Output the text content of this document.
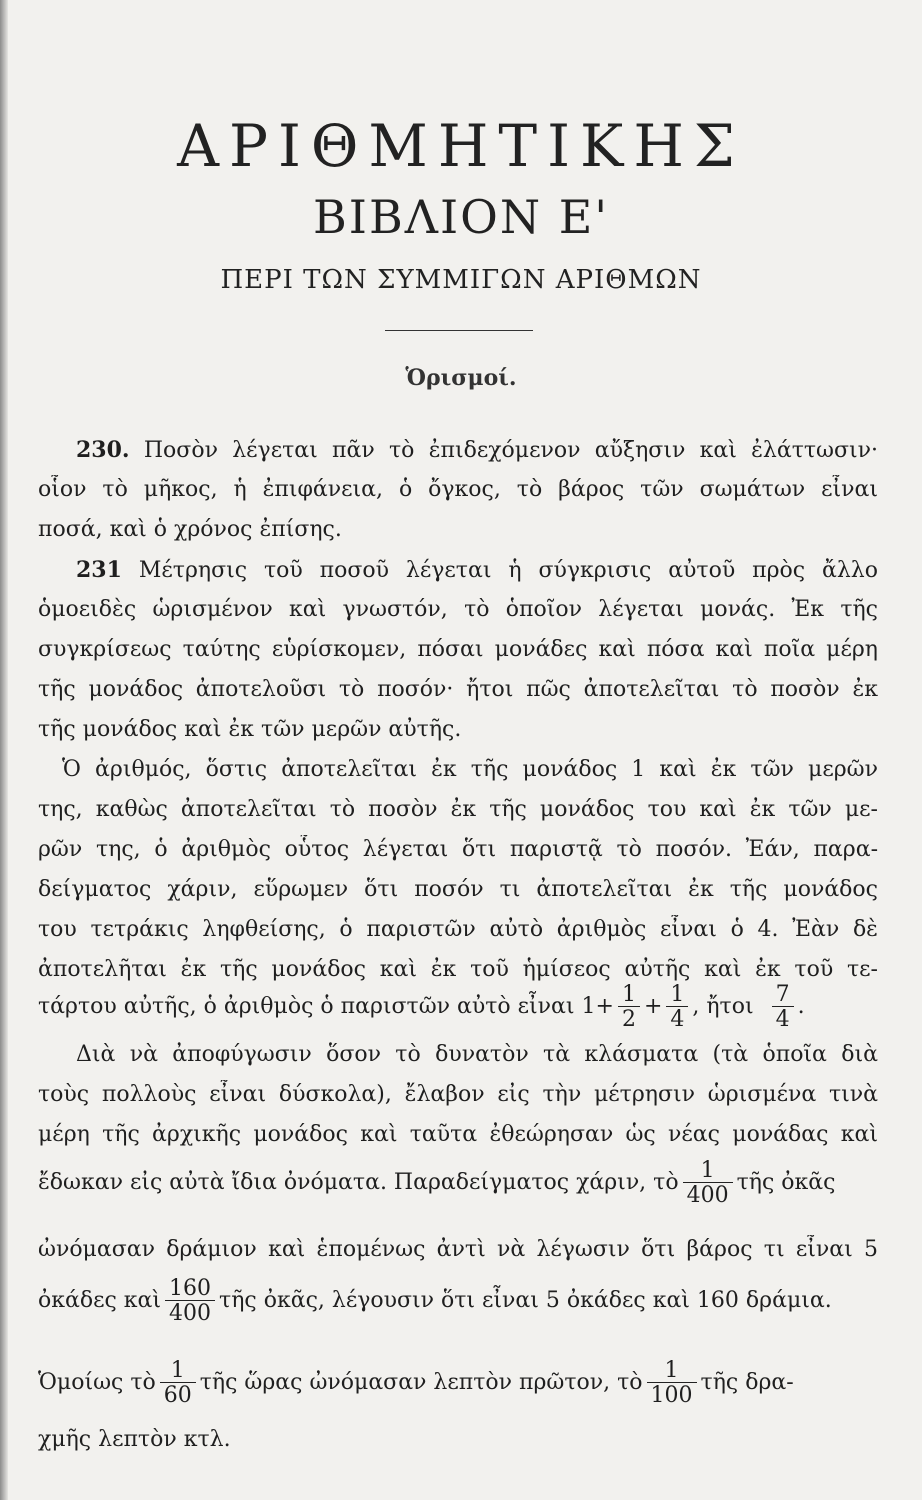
ΑΡΙΘΜΗΤΙΚΗΣ
ΒΙΒΛΙΟΝ Ε'
ΠΕΡΙ ΤΩΝ ΣΥΜΜΙΓΩΝ ΑΡΙΘΜΩΝ
Ὁρισμοί.
230. Ποσὸν λέγεται πᾶν τὸ ἐπιδεχόμενον αὔξησιν καὶ ἐλάττωσιν·
οἷον τὸ μῆκος, ἡ ἐπιφάνεια, ὁ ὄγκος, τὸ βάρος τῶν σωμάτων εἶναι
ποσά, καὶ ὁ χρόνος ἐπίσης.
231 Μέτρησις τοῦ ποσοῦ λέγεται ἡ σύγκρισις αὐτοῦ πρὸς ἄλλο
ὁμοειδὲς ὡρισμένον καὶ γνωστόν, τὸ ὁποῖον λέγεται μονάς. Ἐκ τῆς
συγκρίσεως ταύτης εὑρίσκομεν, πόσαι μονάδες καὶ πόσα καὶ ποῖα μέρη
τῆς μονάδος ἀποτελοῦσι τὸ ποσόν· ἤτοι πῶς ἀποτελεῖται τὸ ποσὸν ἐκ
τῆς μονάδος καὶ ἐκ τῶν μερῶν αὐτῆς.
Ὁ ἀριθμός, ὅστις ἀποτελεῖται ἐκ τῆς μονάδος 1 καὶ ἐκ τῶν μερῶν
της, καθὼς ἀποτελεῖται τὸ ποσὸν ἐκ τῆς μονάδος του καὶ ἐκ τῶν με-
ρῶν της, ὁ ἀριθμὸς οὗτος λέγεται ὅτι παριστᾷ τὸ ποσόν. Ἐάν, παρα-
δείγματος χάριν, εὕρωμεν ὅτι ποσόν τι ἀποτελεῖται ἐκ τῆς μονάδος
του τετράκις ληφθείσης, ὁ παριστῶν αὐτὸ ἀριθμὸς εἶναι ὁ 4. Ἐὰν δὲ
ἀποτελῆται ἐκ τῆς μονάδος καὶ ἐκ τοῦ ἡμίσεος αὐτῆς καὶ ἐκ τοῦ τε-
τάρτου αὐτῆς, ὁ ἀριθμὸς ὁ παριστῶν αὐτὸ εἶναι $1+ \frac{1}{2} + \frac{1}{4}$ , ἤτοι $\frac{7}{4}$ .
Διὰ νὰ ἀποφύγωσιν ὅσον τὸ δυνατὸν τὰ κλάσματα (τὰ ὁποῖα διὰ
τοὺς πολλοὺς εἶναι δύσκολα), ἔλαβον εἰς τὴν μέτρησιν ὡρισμένα τινὰ
μέρη τῆς ἀρχικῆς μονάδος καὶ ταῦτα ἐθεώρησαν ὡς νέας μονάδας καὶ
ἔδωκαν εἰς αὐτὰ ἴδια ὀνόματα. Παραδείγματος χάριν, τὸ $\frac{1}{400}$ τῆς ὀκᾶς
ὠνόμασαν δράμιον καὶ ἑπομένως ἀντὶ νὰ λέγωσιν ὅτι βάρος τι εἶναι 5
ὀκάδες καὶ $\frac{160}{400}$ τῆς ὀκᾶς, λέγουσιν ὅτι εἶναι 5 ὀκάδες καὶ 160 δράμια.
Ὁμοίως τὸ $\frac{1}{60}$ τῆς ὥρας ὠνόμασαν λεπτὸν πρῶτον, τὸ $\frac{1}{100}$ τῆς δρα-
χμῆς λεπτὸν κτλ.
